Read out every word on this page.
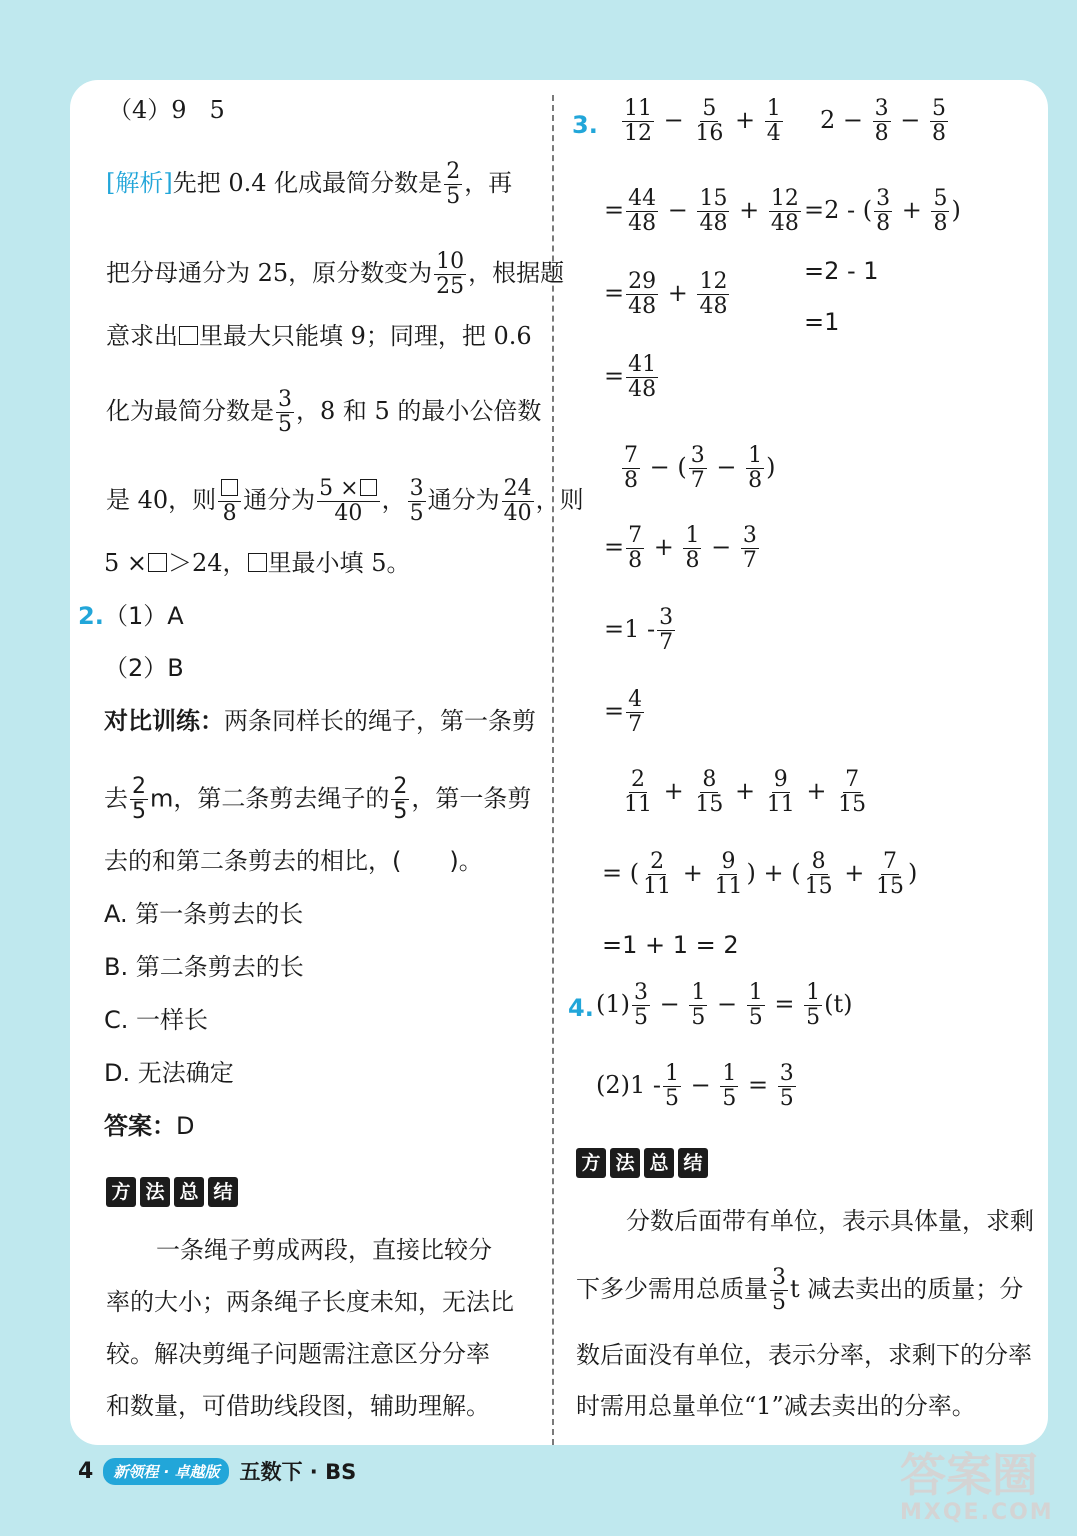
（4）9 5
[解析]先把 0.4 化成最简分数是 $\frac{2}{5}$ ，再
把分母通分为 25，原分数变为 $\frac{10}{25}$ ，根据题
意求出 里最大只能填 9；同理，把 0.6
化为最简分数是 $\frac{3}{5}$ ，8 和 5 的最小公倍数
是 40，则 8 通分为 $\frac{5 \times}{40}$ ， $\frac{3}{5}$ 通分为 $\frac{24}{40}$ ，则
5 × ＞24， 里最小填 5。
2. （1）A
（2）B
对比训练：两条同样长的绳子，第一条剪
去 $\frac{2}{5}$ m，第二条剪去绳子的 $\frac{2}{5}$ ，第一条剪
去的和第二条剪去的相比，(　　)。
A. 第一条剪去的长
B. 第二条剪去的长
C. 一样长
D. 无法确定
答案：D
方 法 总 结
一条绳子剪成两段，直接比较分
率的大小；两条绳子长度未知，无法比
较。解决剪绳子问题需注意区分分率
和数量，可借助线段图，辅助理解。
3. $\frac{11}{12} - \frac{5}{16} + \frac{1}{4} 2 - \frac{3}{8} - \frac{5}{8}$
= $\frac{44}{48} - \frac{15}{48} + \frac{12}{48} =2$ - ( $\frac{3}{8} + \frac{5}{8}$ )
= $\frac{29}{48} + \frac{12}{48}$	=2 - 1
=1
= $\frac{41}{48}$
$\frac{7}{8}$ − ( $\frac{3}{7} - \frac{1}{8}$ )
= $\frac{7}{8} + \frac{1}{8} - \frac{3}{7}$
$=1 - \frac{3}{7}$
= $\frac{4}{7}$
$\frac{2}{11} + \frac{8}{15} + \frac{9}{11} + \frac{7}{15}$
= ( $\frac{2}{11} + \frac{9}{11}$ ) + ( $\frac{8}{15} + \frac{7}{15}$ )
=1 + 1 = 2
4. $(1) \frac{3}{5} - \frac{1}{5} - \frac{1}{5} = \frac{1}{5} (t)$
$(2)1 - \frac{1}{5} - \frac{1}{5} = \frac{3}{5}$
方 法 总 结
分数后面带有单位，表示具体量，求剩
下多少需用总质量 $\frac{3}{5}$ t 减去卖出的质量；分
数后面没有单位，表示分率，求剩下的分率
时需用总量单位“1”减去卖出的分率。
4	新领程 · 卓越版 五数下 · BS	答案圈
MXQE.COM
